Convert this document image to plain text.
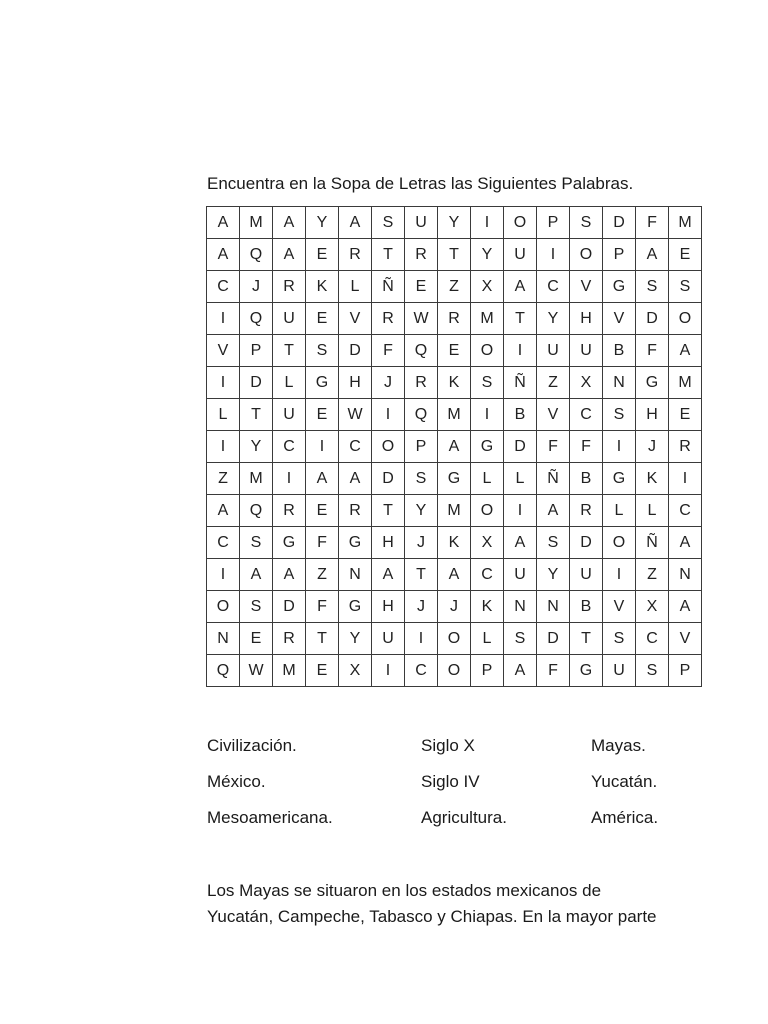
Encuentra en la Sopa de Letras las Siguientes Palabras.
A	M	A	Y	A	S	U	Y	I	O	P	S	D	F	M
A	Q	A	E	R	T	R	T	Y	U	I	O	P	A	E
C	J	R	K	L	Ñ	E	Z	X	A	C	V	G	S	S
I	Q	U	E	V	R	W	R	M	T	Y	H	V	D	O
V	P	T	S	D	F	Q	E	O	I	U	U	B	F	A
I	D	L	G	H	J	R	K	S	Ñ	Z	X	N	G	M
L	T	U	E	W	I	Q	M	I	B	V	C	S	H	E
I	Y	C	I	C	O	P	A	G	D	F	F	I	J	R
Z	M	I	A	A	D	S	G	L	L	Ñ	B	G	K	I
A	Q	R	E	R	T	Y	M	O	I	A	R	L	L	C
C	S	G	F	G	H	J	K	X	A	S	D	O	Ñ	A
I	A	A	Z	N	A	T	A	C	U	Y	U	I	Z	N
O	S	D	F	G	H	J	J	K	N	N	B	V	X	A
N	E	R	T	Y	U	I	O	L	S	D	T	S	C	V
Q	W	M	E	X	I	C	O	P	A	F	G	U	S	P
Civilización.	Siglo X	Mayas.
México.	Siglo IV	Yucatán.
Mesoamericana.	Agricultura.	América.
Los Mayas se situaron en los estados mexicanos de
Yucatán, Campeche, Tabasco y Chiapas. En la mayor parte
